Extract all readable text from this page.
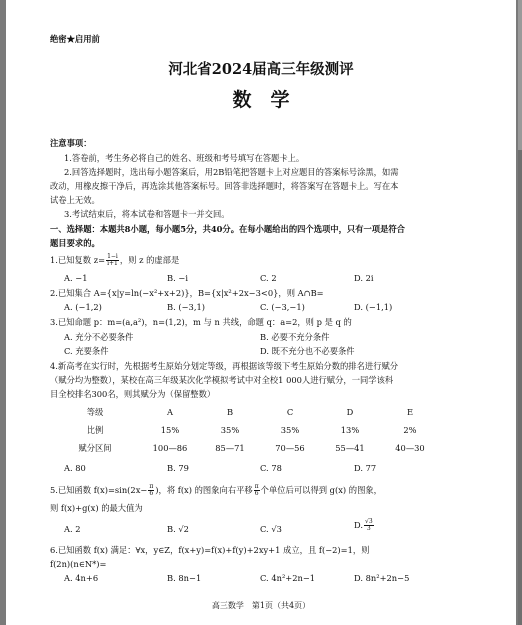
绝密★启用前
河北省2024届高三年级测评
数　学
注意事项：
1.答卷前，考生务必将自己的姓名、班级和考号填写在答题卡上。
2.回答选择题时，选出每小题答案后，用2B铅笔把答题卡上对应题目的答案标号涂黑，如需
改动，用橡皮擦干净后，再选涂其他答案标号。回答非选择题时，将答案写在答题卡上。写在本
试卷上无效。
3.考试结束后，将本试卷和答题卡一并交回。
一、选择题：本题共8小题，每小题5分，共40分。在每小题给出的四个选项中，只有一项是符合
题目要求的。
1.已知复数 $z= \frac{1-i}{i+1}$ ，则 z 的虚部是
A. −1	B. −i	C. 2	D. 2i
2.已知集合 A={x|y=ln(−x²+x+2)}，B={x|x²+2x−3<0}，则 A∩B=
A. (−1,2)	B. (−3,1)	C. (−3,−1)	D. (−1,1)
3.已知命题 p：m=(a,a²)，n=(1,2)，m 与 n 共线，命题 q：a=2，则 p 是 q 的
A. 充分不必要条件	B. 必要不充分条件
C. 充要条件	D. 既不充分也不必要条件
4.新高考在实行时，先根据考生原始分划定等级，再根据该等级下考生原始分数的排名进行赋分
（赋分均为整数），某校在高三年级某次化学模拟考试中对全校1 000人进行赋分，一同学该科
目全校排名300名，则其赋分为（保留整数）
等级	A	B	C	D	E
比例	15%	35%	35%	13%	2%
赋分区间	100—86	85—71	70—56	55—41	40—30
A. 80	B. 79	C. 78	D. 77
5.已知函数 $f(x)=\sin(2x- \frac{\pi}{6}$ )，将 f(x) 的图象向右平移 $\frac{\pi}{6}$ 个单位后可以得到 g(x) 的图象，
则 f(x)+g(x) 的最大值为
A. 2	B. √2	C. √3	D. $\frac{√3}{3}$
6.已知函数 f(x) 满足：∀x，y∈Z，f(x+y)=f(x)+f(y)+2xy+1 成立，且 f(−2)=1，则
f(2n)(n∈N*)=
A. 4n+6	B. 8n−1	C. 4n²+2n−1	D. 8n²+2n−5
高三数学　第1页（共4页）
